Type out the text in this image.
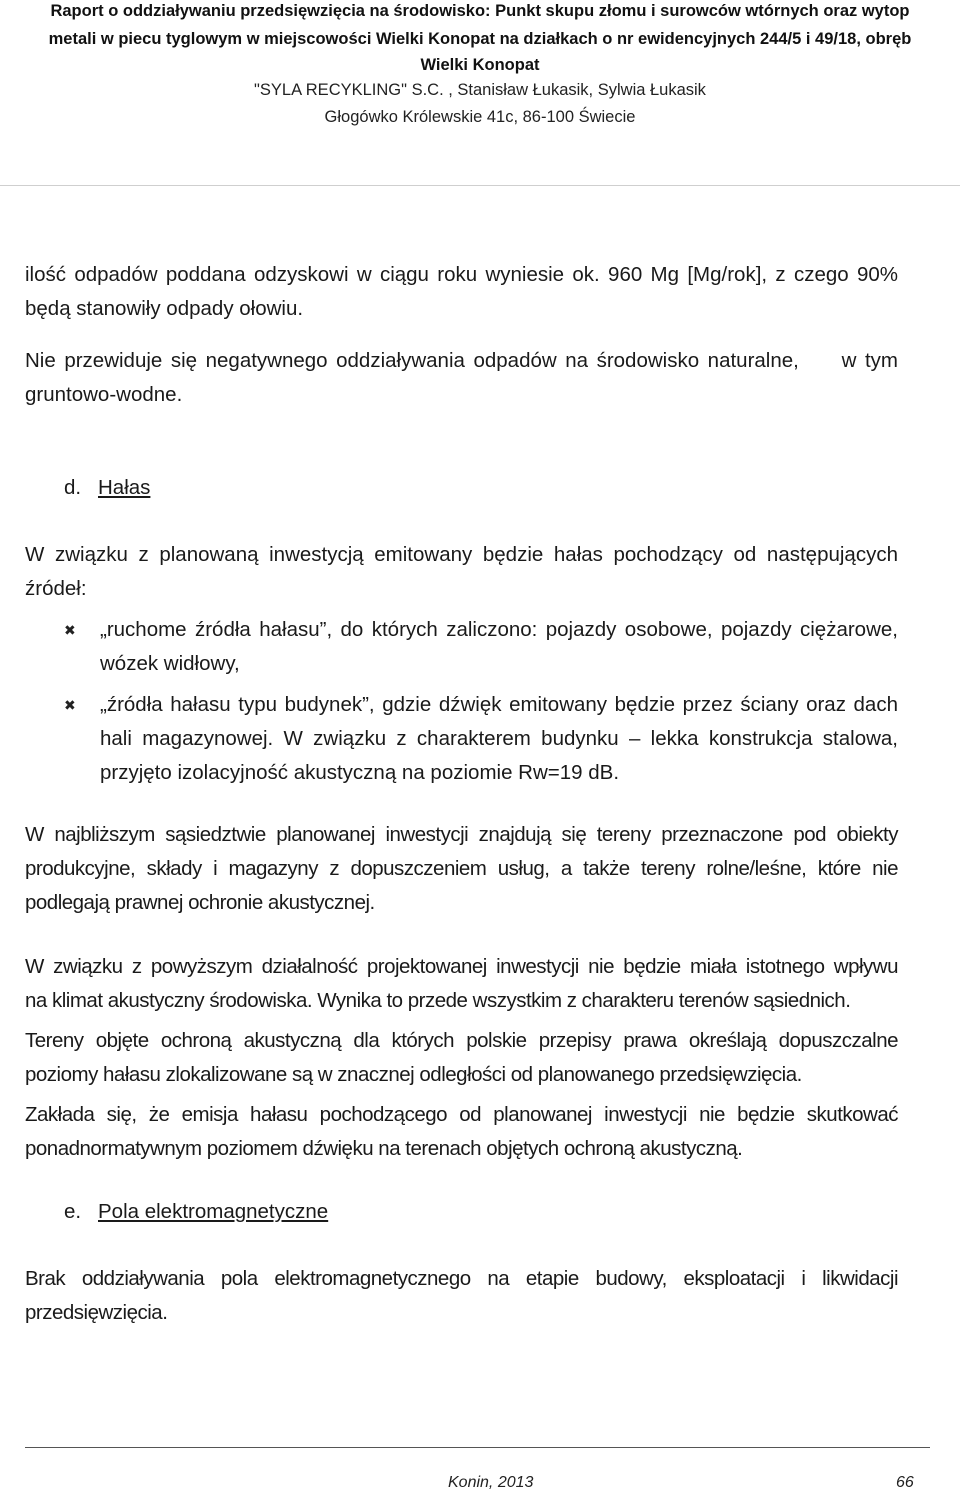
Raport o oddziaływaniu przedsięwzięcia na środowisko: Punkt skupu złomu i surowców wtórnych oraz wytop
metali w piecu tyglowym w miejscowości Wielki Konopat na działkach o nr ewidencyjnych 244/5 i 49/18, obręb
Wielki Konopat
"SYLA RECYKLING" S.C. , Stanisław Łukasik, Sylwia Łukasik
Głogówko Królewskie 41c, 86-100 Świecie
ilość odpadów poddana odzyskowi w ciągu roku wyniesie ok. 960 Mg [Mg/rok], z czego 90%
będą stanowiły odpady ołowiu.
Nie przewiduje się negatywnego oddziaływania odpadów na środowisko naturalne,     w tym
gruntowo-wodne.
d. Hałas
W związku z planowaną inwestycją emitowany będzie hałas pochodzący od następujących
źródeł:
✖ „ruchome źródła hałasu”, do których zaliczono: pojazdy osobowe, pojazdy ciężarowe,
wózek widłowy,
✖ „źródła hałasu typu budynek”, gdzie dźwięk emitowany będzie przez ściany oraz dach
hali magazynowej. W związku z charakterem budynku – lekka konstrukcja stalowa,
przyjęto izolacyjność akustyczną na poziomie Rw=19 dB.
W najbliższym sąsiedztwie planowanej inwestycji znajdują się tereny przeznaczone pod obiekty
produkcyjne, składy i magazyny z dopuszczeniem usług, a także tereny rolne/leśne, które nie
podlegają prawnej ochronie akustycznej.
W związku z powyższym działalność projektowanej inwestycji nie będzie miała istotnego wpływu
na klimat akustyczny środowiska. Wynika to przede wszystkim z charakteru terenów sąsiednich.
Tereny objęte ochroną akustyczną dla których polskie przepisy prawa określają dopuszczalne
poziomy hałasu zlokalizowane są w znacznej odległości od planowanego przedsięwzięcia.
Zakłada się, że emisja hałasu pochodzącego od planowanej inwestycji nie będzie skutkować
ponadnormatywnym poziomem dźwięku na terenach objętych ochroną akustyczną.
e. Pola elektromagnetyczne
Brak oddziaływania pola elektromagnetycznego na etapie budowy, eksploatacji i likwidacji
przedsięwzięcia.
Konin, 2013	66
